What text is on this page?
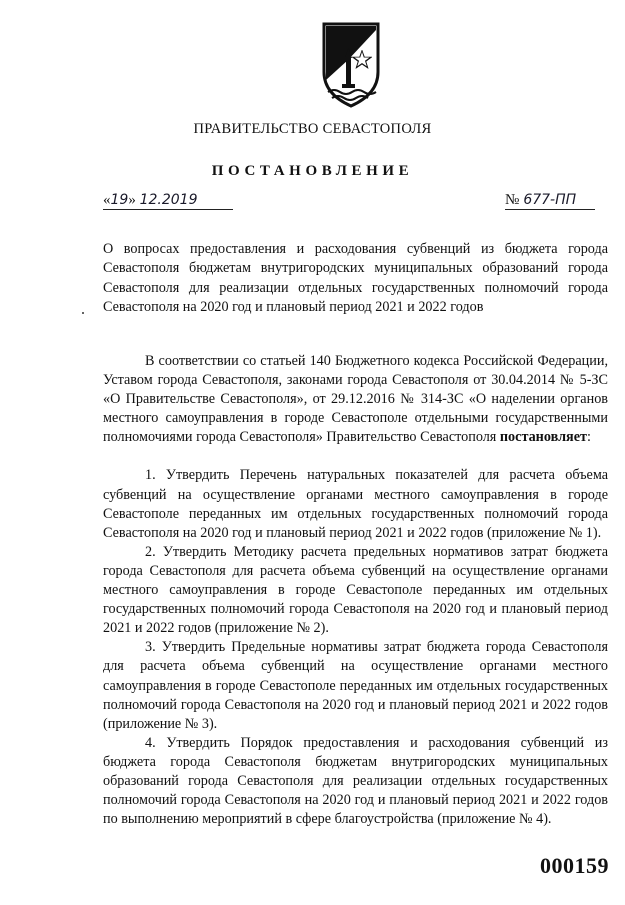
ПРАВИТЕЛЬСТВО СЕВАСТОПОЛЯ
ПОСТАНОВЛЕНИЕ
«19» 12.2019	№ 677-ПП
О вопросах предоставления и расходования субвенций из бюджета города Севастополя бюджетам внутригородских муниципальных образований города Севастополя для реализации отдельных государственных полномочий города Севастополя на 2020 год и плановый период 2021 и 2022 годов

В соответствии со статьей 140 Бюджетного кодекса Российской Федерации, Уставом города Севастополя, законами города Севастополя от 30.04.2014 № 5-ЗС «О Правительстве Севастополя», от 29.12.2016 № 314-ЗС «О наделении органов местного самоуправления в городе Севастополе отдельными государственными полномочиями города Севастополя» Правительство Севастополя постановляет:

1. Утвердить Перечень натуральных показателей для расчета объема субвенций на осуществление органами местного самоуправления в городе Севастополе переданных им отдельных государственных полномочий города Севастополя на 2020 год и плановый период 2021 и 2022 годов (приложение № 1).

2. Утвердить Методику расчета предельных нормативов затрат бюджета города Севастополя для расчета объема субвенций на осуществление органами местного самоуправления в городе Севастополе переданных им отдельных государственных полномочий города Севастополя на 2020 год и плановый период 2021 и 2022 годов (приложение № 2).

3. Утвердить Предельные нормативы затрат бюджета города Севастополя для расчета объема субвенций на осуществление органами местного самоуправления в городе Севастополе переданных им отдельных государственных полномочий города Севастополя на 2020 год и плановый период 2021 и 2022 годов (приложение № 3).

4. Утвердить Порядок предоставления и расходования субвенций из бюджета города Севастополя бюджетам внутригородских муниципальных образований города Севастополя для реализации отдельных государственных полномочий города Севастополя на 2020 год и плановый период 2021 и 2022 годов по выполнению мероприятий в сфере благоустройства (приложение № 4).

000159
